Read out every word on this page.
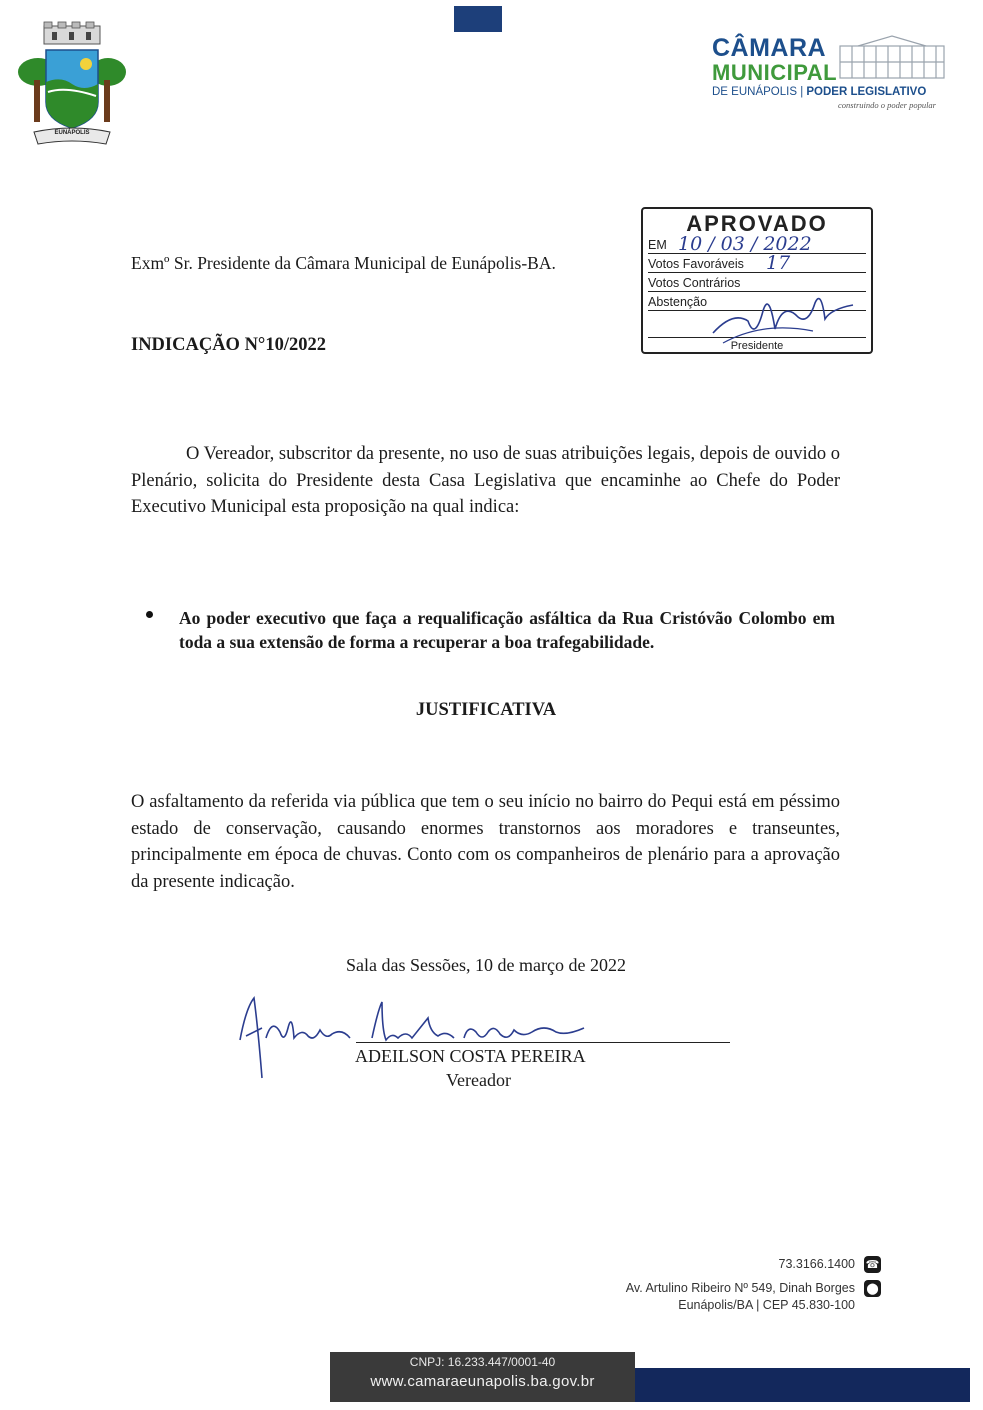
EUNÁPOLIS
CÂMARA
MUNICIPAL
DE EUNÁPOLIS | PODER LEGISLATIVO
construindo o poder popular
APROVADO
EM 10 / 03 / 2022
Votos Favoráveis 17
Votos Contrários
Abstenção
Presidente
Exmº Sr. Presidente da Câmara Municipal de Eunápolis-BA.
INDICAÇÃO N°10/2022
O Vereador, subscritor da presente, no uso de suas atribuições legais, depois de ouvido o Plenário, solicita do Presidente desta Casa Legislativa que encaminhe ao Chefe do Poder Executivo Municipal esta proposição na qual indica:
Ao poder executivo que faça a requalificação asfáltica da Rua Cristóvão Colombo em toda a sua extensão de forma a recuperar a boa trafegabilidade.
JUSTIFICATIVA
O asfaltamento da referida via pública que tem o seu início no bairro do Pequi está em péssimo estado de conservação, causando enormes transtornos aos moradores e transeuntes, principalmente em época de chuvas. Conto com os companheiros de plenário para a aprovação da presente indicação.
Sala das Sessões, 10 de março de 2022
ADEILSON COSTA PEREIRA
Vereador
73.3166.1400 ☎
Av. Artulino Ribeiro Nº 549, Dinah Borges ⬤
Eunápolis/BA | CEP 45.830-100
CNPJ: 16.233.447/0001-40
www.camaraeunapolis.ba.gov.br
